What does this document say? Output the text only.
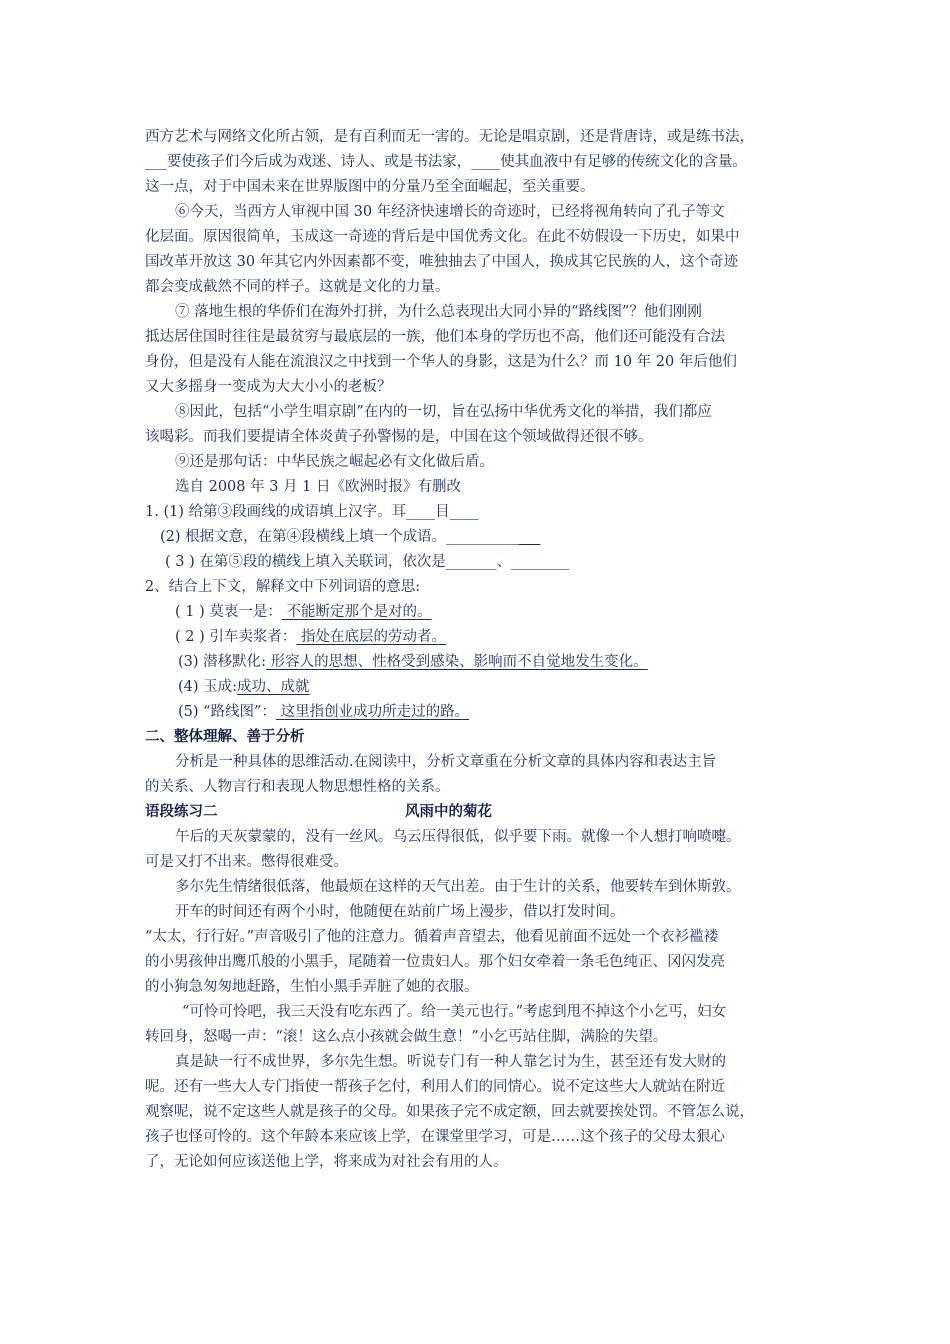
西方艺术与网络文化所占领，是有百利而无一害的。无论是唱京剧，还是背唐诗，或是练书法，
___要使孩子们今后成为戏迷、诗人、或是书法家，____使其血液中有足够的传统文化的含量。
这一点，对于中国未来在世界版图中的分量乃至全面崛起，至关重要。
⑥今天，当西方人审视中国 30 年经济快速增长的奇迹时，已经将视角转向了孔子等文
化层面。原因很简单，玉成这一奇迹的背后是中国优秀文化。在此不妨假设一下历史，如果中
国改革开放这 30 年其它内外因素都不变，唯独抽去了中国人，换成其它民族的人，这个奇迹
都会变成截然不同的样子。这就是文化的力量。
⑦ 落地生根的华侨们在海外打拼，为什么总表现出大同小异的“路线图”？他们刚刚
抵达居住国时往往是最贫穷与最底层的一族，他们本身的学历也不高，他们还可能没有合法
身份，但是没有人能在流浪汉之中找到一个华人的身影，这是为什么？而 10 年 20 年后他们
又大多摇身一变成为大大小小的老板？
⑧因此，包括“小学生唱京剧”在内的一切，旨在弘扬中华优秀文化的举措，我们都应
该喝彩。而我们要提请全体炎黄子孙警惕的是，中国在这个领域做得还很不够。
⑨还是那句话：中华民族之崛起必有文化做后盾。
选自 2008 年 3 月 1 日《欧洲时报》有删改
1. (1) 给第③段画线的成语填上汉字。耳____目____
(2) 根据文意，在第④段横线上填一个成语。_____________
( 3 ) 在第⑤段的横线上填入关联词，依次是_______、________
2、结合上下文，解释文中下列词语的意思:
( 1 ) 莫衷一是： 不能断定那个是对的。
( 2 ) 引车卖浆者： 指处在底层的劳动者。
(3) 潜移默化: 形容人的思想、性格受到感染、影响而不自觉地发生变化。
(4) 玉成:成功、成就
(5) “路线图”： 这里指创业成功所走过的路。
二、整体理解、善于分析
分析是一种具体的思维活动.在阅读中，分析文章重在分析文章的具体内容和表达主旨
的关系、人物言行和表现人物思想性格的关系。
语段练习二	风雨中的菊花
午后的天灰蒙蒙的，没有一丝风。乌云压得很低，似乎要下雨。就像一个人想打响喷嚏。
可是又打不出来。憋得很难受。
多尔先生情绪很低落，他最烦在这样的天气出差。由于生计的关系，他要转车到休斯敦。
开车的时间还有两个小时，他随便在站前广场上漫步，借以打发时间。
“太太，行行好。”声音吸引了他的注意力。循着声音望去，他看见前面不远处一个衣衫褴褛
的小男孩伸出鹰爪般的小黑手，尾随着一位贵妇人。那个妇女牵着一条毛色纯正、冈闪发亮
的小狗急匆匆地赶路，生怕小黑手弄脏了她的衣服。
“可怜可怜吧，我三天没有吃东西了。给一美元也行。”考虑到甩不掉这个小乞丐，妇女
转回身，怒喝一声：“滚！这么点小孩就会做生意！”小乞丐站住脚，满脸的失望。
真是缺一行不成世界，多尔先生想。听说专门有一种人靠乞讨为生，甚至还有发大财的
呢。还有一些大人专门指使一帮孩子乞付，利用人们的同情心。说不定这些大人就站在附近
观察呢，说不定这些人就是孩子的父母。如果孩子完不成定额，回去就要挨处罚。不管怎么说，
孩子也怪可怜的。这个年龄本来应该上学，在课堂里学习，可是……这个孩子的父母太狠心
了，无论如何应该送他上学，将来成为对社会有用的人。
